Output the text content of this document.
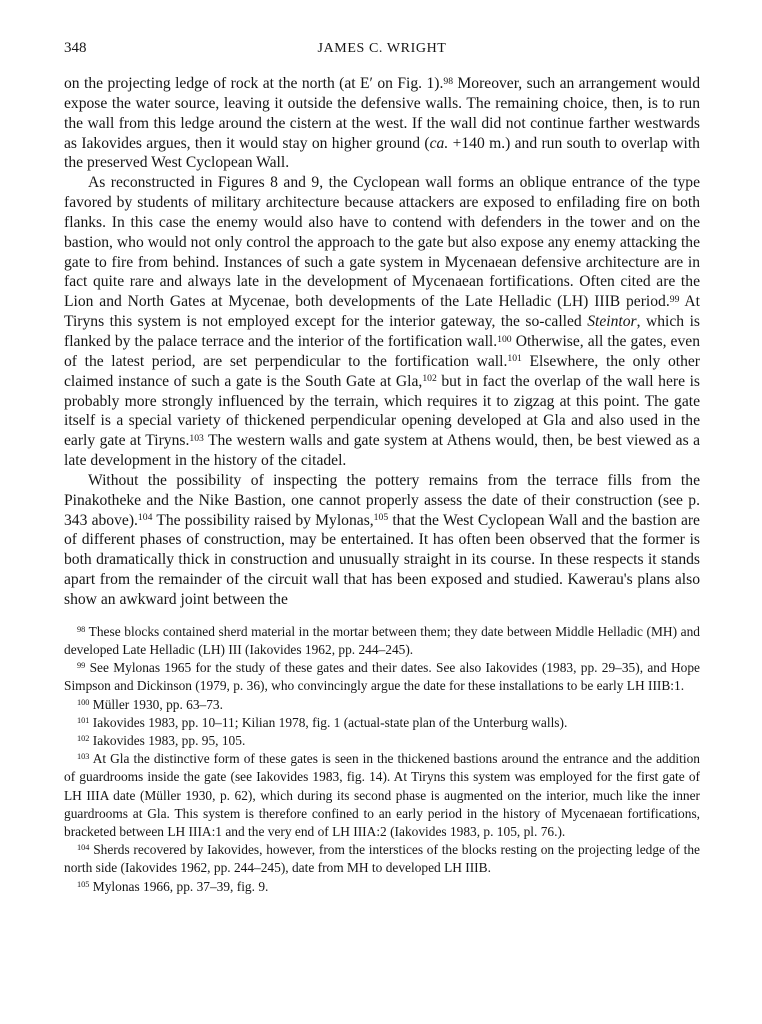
348	JAMES C. WRIGHT

on the projecting ledge of rock at the north (at E′ on Fig. 1).$^{98}$ Moreover, such an arrangement would expose the water source, leaving it outside the defensive walls. The remaining choice, then, is to run the wall from this ledge around the cistern at the west. If the wall did not continue farther westwards as Iakovides argues, then it would stay on higher ground (ca. +140 m.) and run south to overlap with the preserved West Cyclopean Wall.

As reconstructed in Figures 8 and 9, the Cyclopean wall forms an oblique entrance of the type favored by students of military architecture because attackers are exposed to enfilading fire on both flanks. In this case the enemy would also have to contend with defenders in the tower and on the bastion, who would not only control the approach to the gate but also expose any enemy attacking the gate to fire from behind. Instances of such a gate system in Mycenaean defensive architecture are in fact quite rare and always late in the development of Mycenaean fortifications. Often cited are the Lion and North Gates at Mycenae, both developments of the Late Helladic (LH) IIIB period.$^{99}$ At Tiryns this system is not employed except for the interior gateway, the so-called Steintor, which is flanked by the palace terrace and the interior of the fortification wall.$^{100}$ Otherwise, all the gates, even of the latest period, are set perpendicular to the fortification wall.$^{101}$ Elsewhere, the only other claimed instance of such a gate is the South Gate at Gla,$^{102}$ but in fact the overlap of the wall here is probably more strongly influenced by the terrain, which requires it to zigzag at this point. The gate itself is a special variety of thickened perpendicular opening developed at Gla and also used in the early gate at Tiryns.$^{103}$ The western walls and gate system at Athens would, then, be best viewed as a late development in the history of the citadel.

Without the possibility of inspecting the pottery remains from the terrace fills from the Pinakotheke and the Nike Bastion, one cannot properly assess the date of their construction (see p. 343 above).$^{104}$ The possibility raised by Mylonas,$^{105}$ that the West Cyclopean Wall and the bastion are of different phases of construction, may be entertained. It has often been observed that the former is both dramatically thick in construction and unusually straight in its course. In these respects it stands apart from the remainder of the circuit wall that has been exposed and studied. Kawerau's plans also show an awkward joint between the

$^{98}$ These blocks contained sherd material in the mortar between them; they date between Middle Helladic (MH) and developed Late Helladic (LH) III (Iakovides 1962, pp. 244–245).

$^{99}$ See Mylonas 1965 for the study of these gates and their dates. See also Iakovides (1983, pp. 29–35), and Hope Simpson and Dickinson (1979, p. 36), who convincingly argue the date for these installations to be early LH IIIB:1.

$^{100}$ Müller 1930, pp. 63–73.

$^{101}$ Iakovides 1983, pp. 10–11; Kilian 1978, fig. 1 (actual-state plan of the Unterburg walls).

$^{102}$ Iakovides 1983, pp. 95, 105.

$^{103}$ At Gla the distinctive form of these gates is seen in the thickened bastions around the entrance and the addition of guardrooms inside the gate (see Iakovides 1983, fig. 14). At Tiryns this system was employed for the first gate of LH IIIA date (Müller 1930, p. 62), which during its second phase is augmented on the interior, much like the inner guardrooms at Gla. This system is therefore confined to an early period in the history of Mycenaean fortifications, bracketed between LH IIIA:1 and the very end of LH IIIA:2 (Iakovides 1983, p. 105, pl. 76.).

$^{104}$ Sherds recovered by Iakovides, however, from the interstices of the blocks resting on the projecting ledge of the north side (Iakovides 1962, pp. 244–245), date from MH to developed LH IIIB.

$^{105}$ Mylonas 1966, pp. 37–39, fig. 9.
